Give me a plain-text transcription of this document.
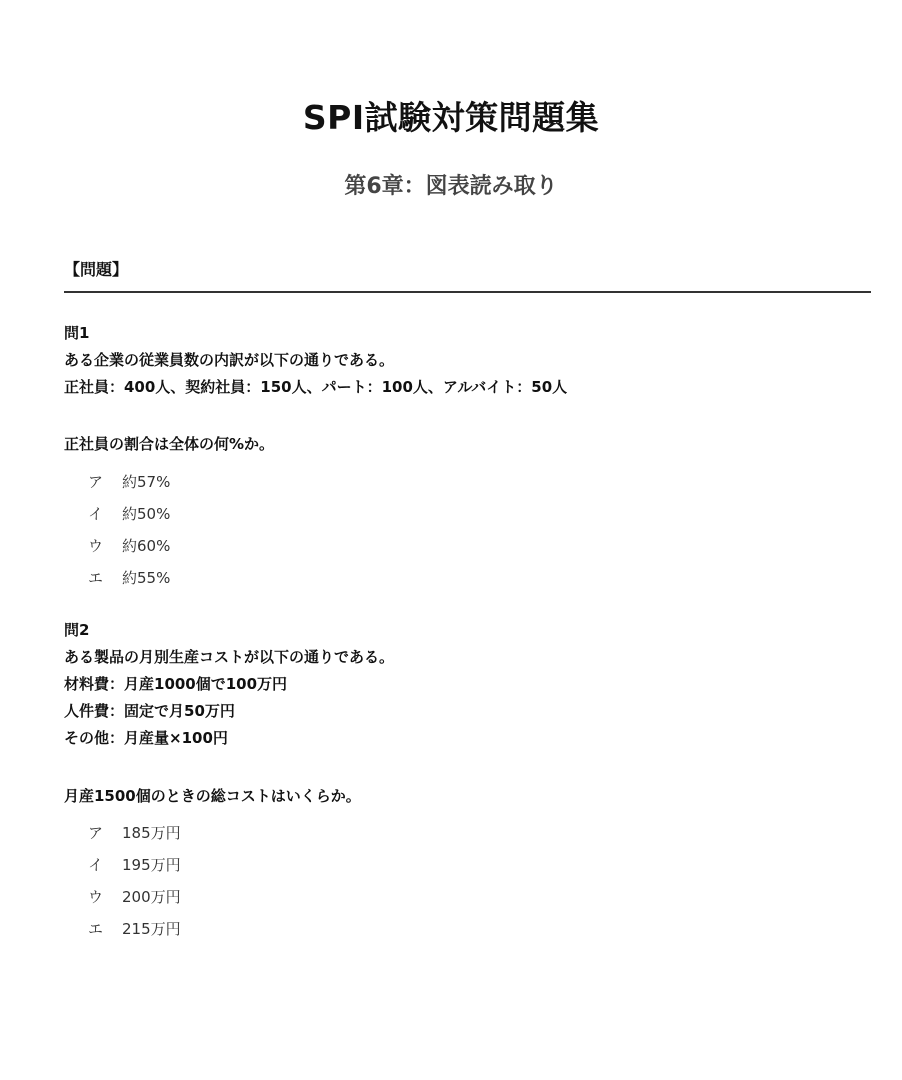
SPI試験対策問題集
第6章：図表読み取り
【問題】
問1
ある企業の従業員数の内訳が以下の通りである。
正社員：400人、契約社員：150人、パート：100人、アルバイト：50人
正社員の割合は全体の何%か。
ア 約57%
イ 約50%
ウ 約60%
エ 約55%
問2
ある製品の月別生産コストが以下の通りである。
材料費：月産1000個で100万円
人件費：固定で月50万円
その他：月産量×100円
月産1500個のときの総コストはいくらか。
ア 185万円
イ 195万円
ウ 200万円
エ 215万円
